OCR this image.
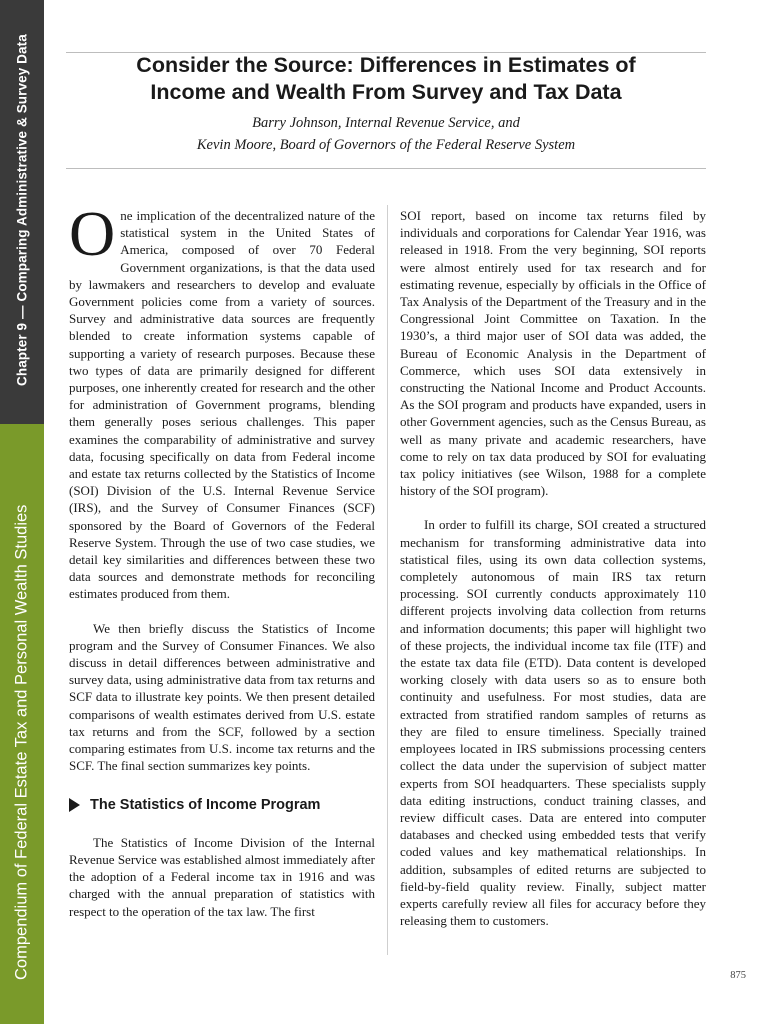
Chapter 9 — Comparing Administrative & Survey Data
Compendium of Federal Estate Tax and Personal Wealth Studies
Consider the Source: Differences in Estimates of
Income and Wealth From Survey and Tax Data
Barry Johnson, Internal Revenue Service, and
Kevin Moore, Board of Governors of the Federal Reserve System

One implication of the decentralized nature of the statistical system in the United States of America, composed of over 70 Federal Government organizations, is that the data used by lawmakers and researchers to develop and evaluate Government policies come from a variety of sources. Survey and administrative data sources are frequently blended to create information systems capable of supporting a variety of research purposes. Because these two types of data are primarily designed for different purposes, one inherently created for research and the other for administration of Government programs, blending them generally poses serious challenges. This paper examines the comparability of administrative and survey data, focusing specifically on data from Federal income and estate tax returns collected by the Statistics of Income (SOI) Division of the U.S. Internal Revenue Service (IRS), and the Survey of Consumer Finances (SCF) sponsored by the Board of Governors of the Federal Reserve System. Through the use of two case studies, we detail key similarities and differences between these two data sources and demonstrate methods for reconciling estimates produced from them.

We then briefly discuss the Statistics of Income program and the Survey of Consumer Finances. We also discuss in detail differences between administrative and survey data, using administrative data from tax returns and SCF data to illustrate key points. We then present detailed comparisons of wealth estimates derived from U.S. estate tax returns and from the SCF, followed by a section comparing estimates from U.S. income tax returns and the SCF. The final section summarizes key points.

The Statistics of Income Program

The Statistics of Income Division of the Internal Revenue Service was established almost immediately after the adoption of a Federal income tax in 1916 and was charged with the annual preparation of statistics with respect to the operation of the tax law. The first

SOI report, based on income tax returns filed by individuals and corporations for Calendar Year 1916, was released in 1918. From the very beginning, SOI reports were almost entirely used for tax research and for estimating revenue, especially by officials in the Office of Tax Analysis of the Department of the Treasury and in the Congressional Joint Committee on Taxation. In the 1930’s, a third major user of SOI data was added, the Bureau of Economic Analysis in the Department of Commerce, which uses SOI data extensively in constructing the National Income and Product Accounts. As the SOI program and products have expanded, users in other Government agencies, such as the Census Bureau, as well as many private and academic researchers, have come to rely on tax data produced by SOI for evaluating tax policy initiatives (see Wilson, 1988 for a complete history of the SOI program).

In order to fulfill its charge, SOI created a structured mechanism for transforming administrative data into statistical files, using its own data collection systems, completely autonomous of main IRS tax return processing. SOI currently conducts approximately 110 different projects involving data collection from returns and information documents; this paper will highlight two of these projects, the individual income tax file (ITF) and the estate tax data file (ETD). Data content is developed working closely with data users so as to ensure both continuity and usefulness. For most studies, data are extracted from stratified random samples of returns as they are filed to ensure timeliness. Specially trained employees located in IRS submissions processing centers collect the data under the supervision of subject matter experts from SOI headquarters. These specialists supply data editing instructions, conduct training classes, and review difficult cases. Data are entered into computer databases and checked using embedded tests that verify coded values and key mathematical relationships. In addition, subsamples of edited returns are subjected to field-by-field quality review. Finally, subject matter experts carefully review all files for accuracy before they releasing them to customers.

875
